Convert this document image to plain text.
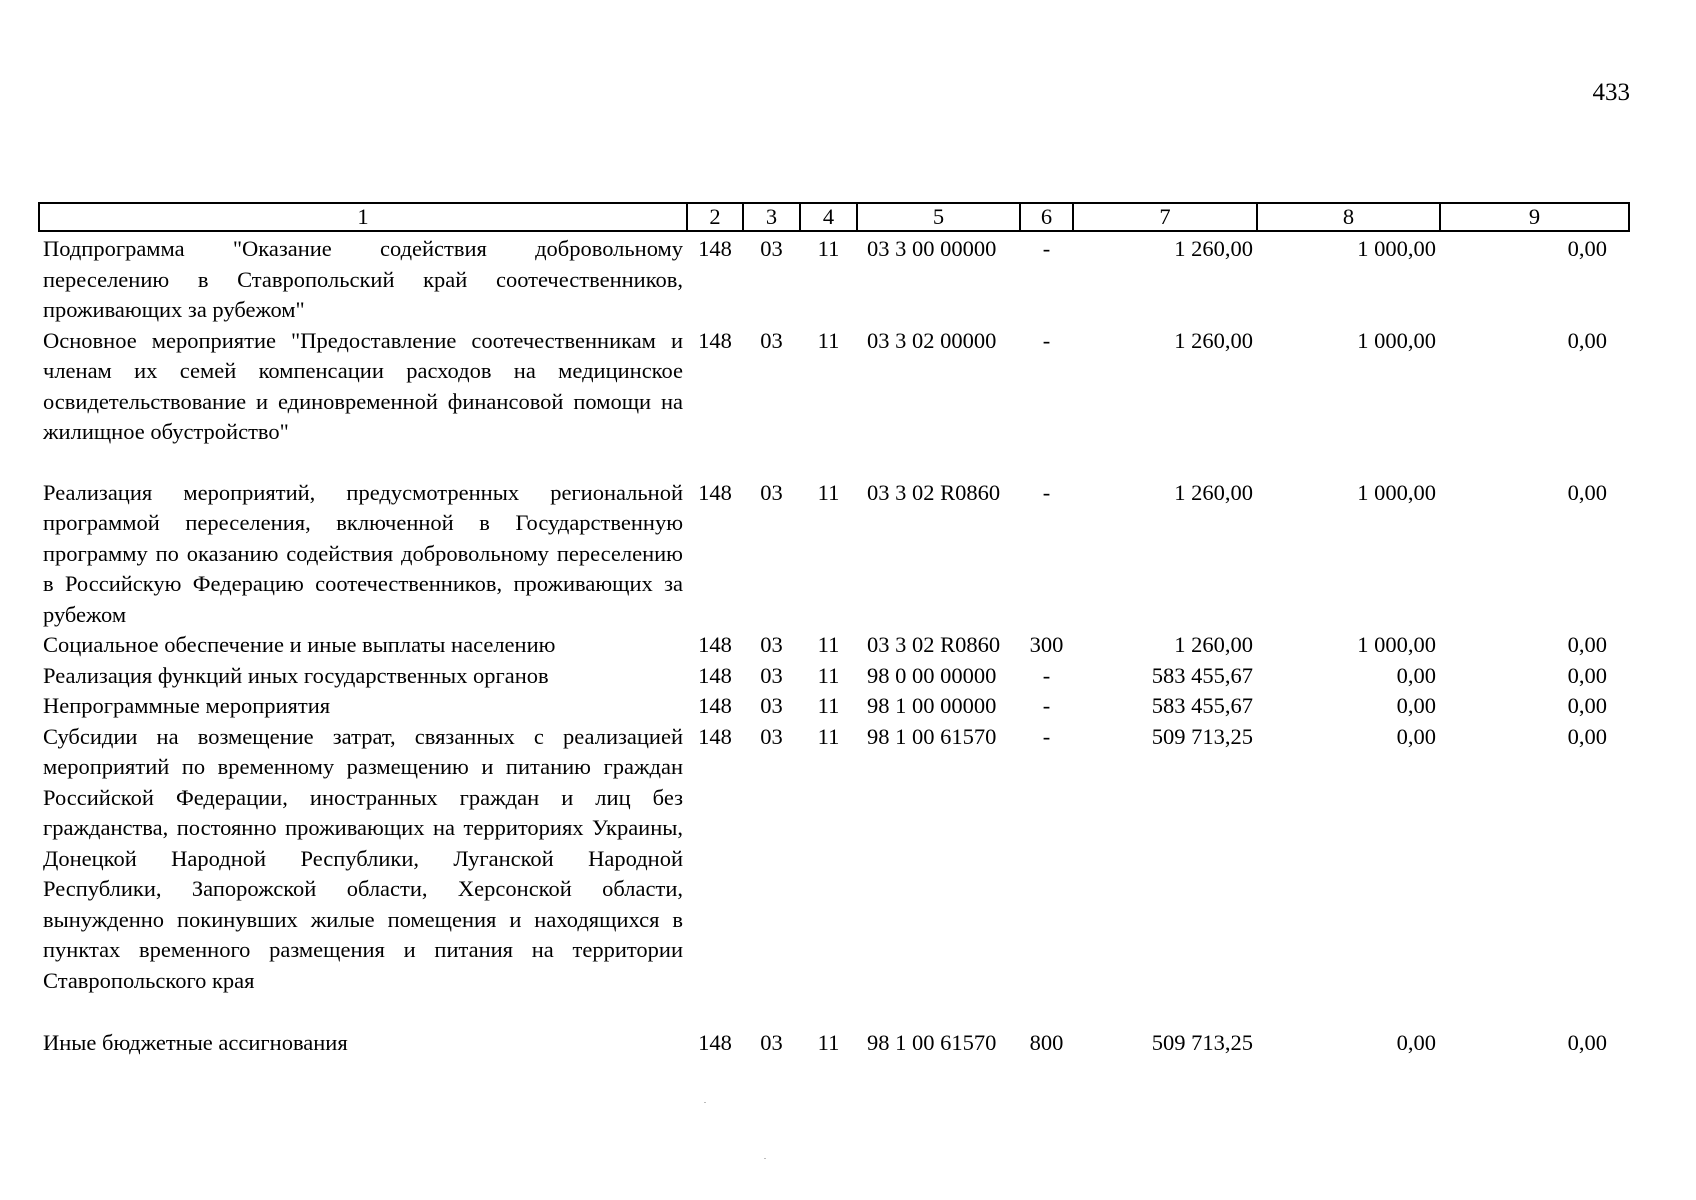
433
1	2	3	4	5	6	7	8	9
Подпрограмма "Оказание содействия добровольному переселению в Ставропольский край соотечественников, проживающих за рубежом"	148	03	11	03 3 00 00000	-	1 260,00	1 000,00	0,00
Основное мероприятие "Предоставление соотечественникам и членам их семей компенсации расходов на медицинское освидетельствование и единовременной финансовой помощи на жилищное обустройство"	148	03	11	03 3 02 00000	-	1 260,00	1 000,00	0,00

Реализация мероприятий, предусмотренных региональной программой переселения, включенной в Государственную программу по оказанию содействия добровольному переселению в Российскую Федерацию соотечественников, проживающих за рубежом	148	03	11	03 3 02 R0860	-	1 260,00	1 000,00	0,00
Социальное обеспечение и иные выплаты населению	148	03	11	03 3 02 R0860	300	1 260,00	1 000,00	0,00
Реализация функций иных государственных органов	148	03	11	98 0 00 00000	-	583 455,67	0,00	0,00
Непрограммные мероприятия	148	03	11	98 1 00 00000	-	583 455,67	0,00	0,00
Субсидии на возмещение затрат, связанных с реализацией мероприятий по временному размещению и питанию граждан Российской Федерации, иностранных граждан и лиц без гражданства, постоянно проживающих на территориях Украины, Донецкой Народной Республики, Луганской Народной Республики, Запорожской области, Херсонской области, вынужденно покинувших жилые помещения и находящихся в пунктах временного размещения и питания на территории Ставропольского края	148	03	11	98 1 00 61570	-	509 713,25	0,00	0,00

Иные бюджетные ассигнования	148	03	11	98 1 00 61570	800	509 713,25	0,00	0,00
